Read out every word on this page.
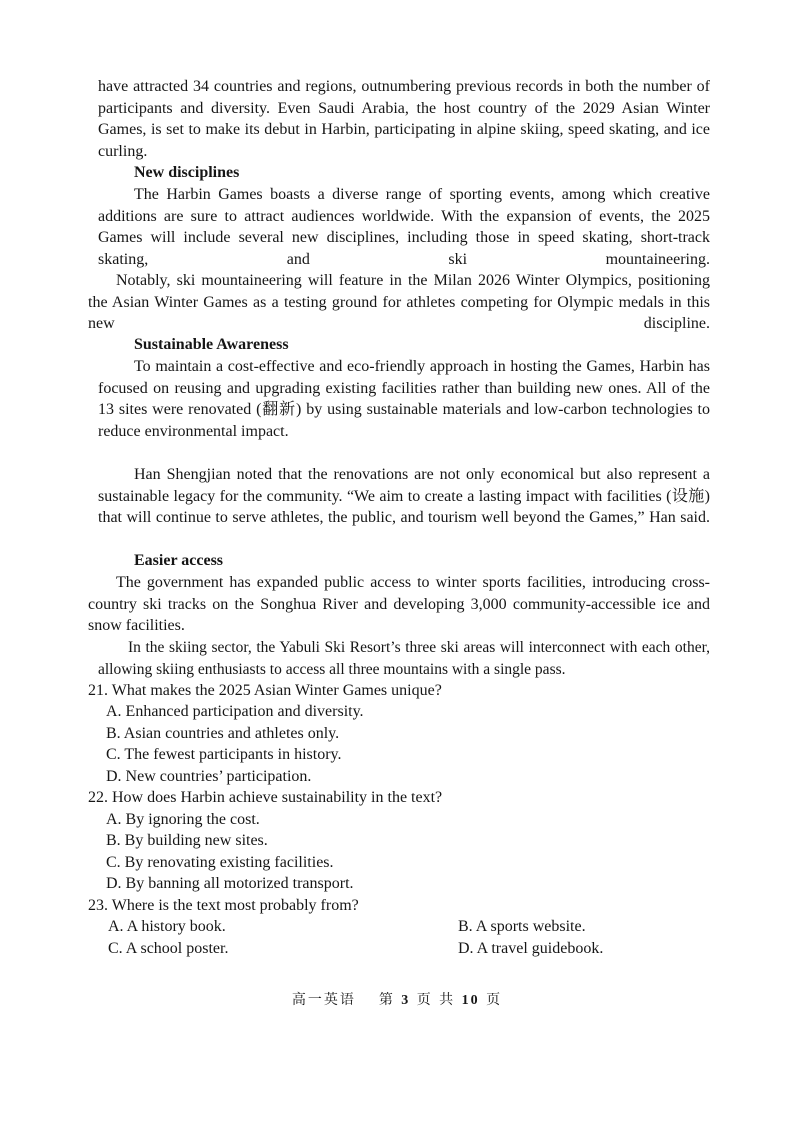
have attracted 34 countries and regions, outnumbering previous records in both the number of participants and diversity. Even Saudi Arabia, the host country of the 2029 Asian Winter Games, is set to make its debut in Harbin, participating in alpine skiing, speed skating, and ice curling.

New disciplines

The Harbin Games boasts a diverse range of sporting events, among which creative additions are sure to attract audiences worldwide. With the expansion of events, the 2025 Games will include several new disciplines, including those in speed skating, short-track skating, and ski mountaineering.

Notably, ski mountaineering will feature in the Milan 2026 Winter Olympics, positioning the Asian Winter Games as a testing ground for athletes competing for Olympic medals in this new discipline.

Sustainable Awareness

To maintain a cost-effective and eco-friendly approach in hosting the Games, Harbin has focused on reusing and upgrading existing facilities rather than building new ones. All of the 13 sites were renovated (翻新) by using sustainable materials and low-carbon technologies to reduce environmental impact.

Han Shengjian noted that the renovations are not only economical but also represent a sustainable legacy for the community. “We aim to create a lasting impact with facilities (设施) that will continue to serve athletes, the public, and tourism well beyond the Games,” Han said.

Easier access

The government has expanded public access to winter sports facilities, introducing cross-country ski tracks on the Songhua River and developing 3,000 community-accessible ice and snow facilities.

In the skiing sector, the Yabuli Ski Resort’s three ski areas will interconnect with each other, allowing skiing enthusiasts to access all three mountains with a single pass.

21. What makes the 2025 Asian Winter Games unique?
A. Enhanced participation and diversity.
B. Asian countries and athletes only.
C. The fewest participants in history.
D. New countries’ participation.
22. How does Harbin achieve sustainability in the text?
A. By ignoring the cost.
B. By building new sites.
C. By renovating existing facilities.
D. By banning all motorized transport.
23. Where is the text most probably from?
A. A history book.	B. A sports website.
C. A school poster.	D. A travel guidebook.
高一英语 第 3 页 共 10 页
